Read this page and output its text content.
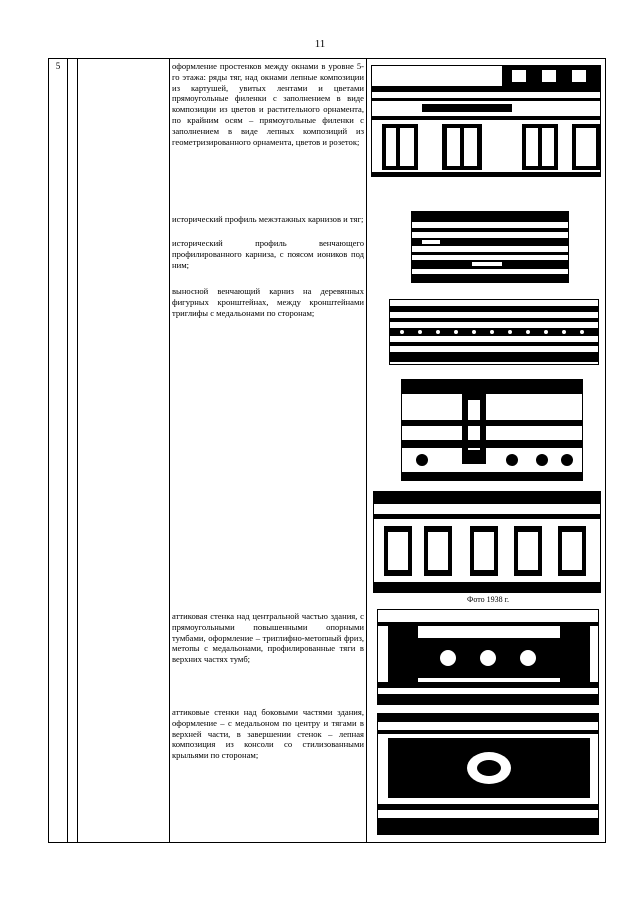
11
5	оформление простенков между окнами в уровне 5-го этажа: ряды тяг, над окнами лепные композиции из картушей, увитых лентами и цветами прямоугольные филенки с заполнением в виде композиции из цветов и растительного орнамента, по крайним осям – прямоугольные филенки с заполнением в виде лепных композиций из геометризированного орнамента, цветов и розеток;
исторический профиль межэтажных карнизов и тяг;
исторический профиль венчающего профилированного карниза, с поясом иоников под ним;
выносной венчающий карниз на деревянных фигурных кронштейнах, между кронштейнами триглифы с медальонами по сторонам;
аттиковая стенка над центральной частью здания, с прямоугольными повышенными опорными тумбами, оформление – триглифно-метопный фриз, метопы с медальонами, профилированные тяги в верхних частях тумб;
аттиковые стенки над боковыми частями здания, оформление – с медальоном по центру и тягами в верхней части, в завершении стенок – лепная композиция из консоли со стилизованными крыльями по сторонам;
Фото 1938 г.
